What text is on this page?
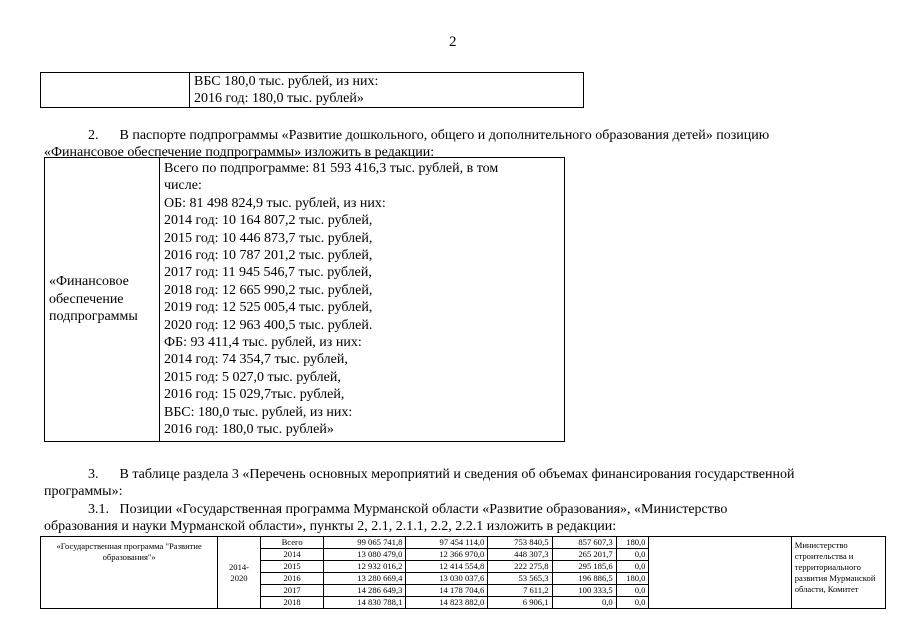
2

ВБС 180,0 тыс. рублей, из них:
2016 год: 180,0 тыс. рублей»
2.      В паспорте подпрограммы «Развитие дошкольного, общего и дополнительного образования детей» позицию
«Финансовое обеспечение подпрограммы» изложить в редакции:
«Финансовое
обеспечение
подпрограммы

Всего по подпрограмме: 81 593 416,3 тыс. рублей, в том
числе:
ОБ: 81 498 824,9 тыс. рублей, из них:
2014 год: 10 164 807,2 тыс. рублей,
2015 год: 10 446 873,7 тыс. рублей,
2016 год: 10 787 201,2 тыс. рублей,
2017 год: 11 945 546,7 тыс. рублей,
2018 год: 12 665 990,2 тыс. рублей,
2019 год: 12 525 005,4 тыс. рублей,
2020 год: 12 963 400,5 тыс. рублей.
ФБ: 93 411,4 тыс. рублей, из них:
2014 год: 74 354,7 тыс. рублей,
2015 год: 5 027,0 тыс. рублей,
2016 год: 15 029,7тыс. рублей,
ВБС: 180,0 тыс. рублей, из них:
2016 год: 180,0 тыс. рублей»
3.      В таблице раздела 3 «Перечень основных мероприятий и сведения об объемах финансирования государственной
программы»:
3.1.   Позиции «Государственная программа Мурманской области «Развитие образования», «Министерство
образования и науки Мурманской области», пункты 2, 2.1, 2.1.1, 2.2, 2.2.1 изложить в редакции:
«Государственная программа "Развитие образования"»	2014-
2020	Всего	99 065 741,8	97 454 114,0	753 840,5	857 607,3	180,0		Министерство строительства и территориального развития Мурманской области, Комитет
		2014	13 080 479,0	12 366 970,0	448 307,3	265 201,7	0,0		
		2015	12 932 016,2	12 414 554,8	222 275,8	295 185,6	0,0		
		2016	13 280 669,4	13 030 037,6	53 565,3	196 886,5	180,0		
		2017	14 286 649,3	14 178 704,6	7 611,2	100 333,5	0,0		
		2018	14 830 788,1	14 823 882,0	6 906,1	0,0	0,0		
